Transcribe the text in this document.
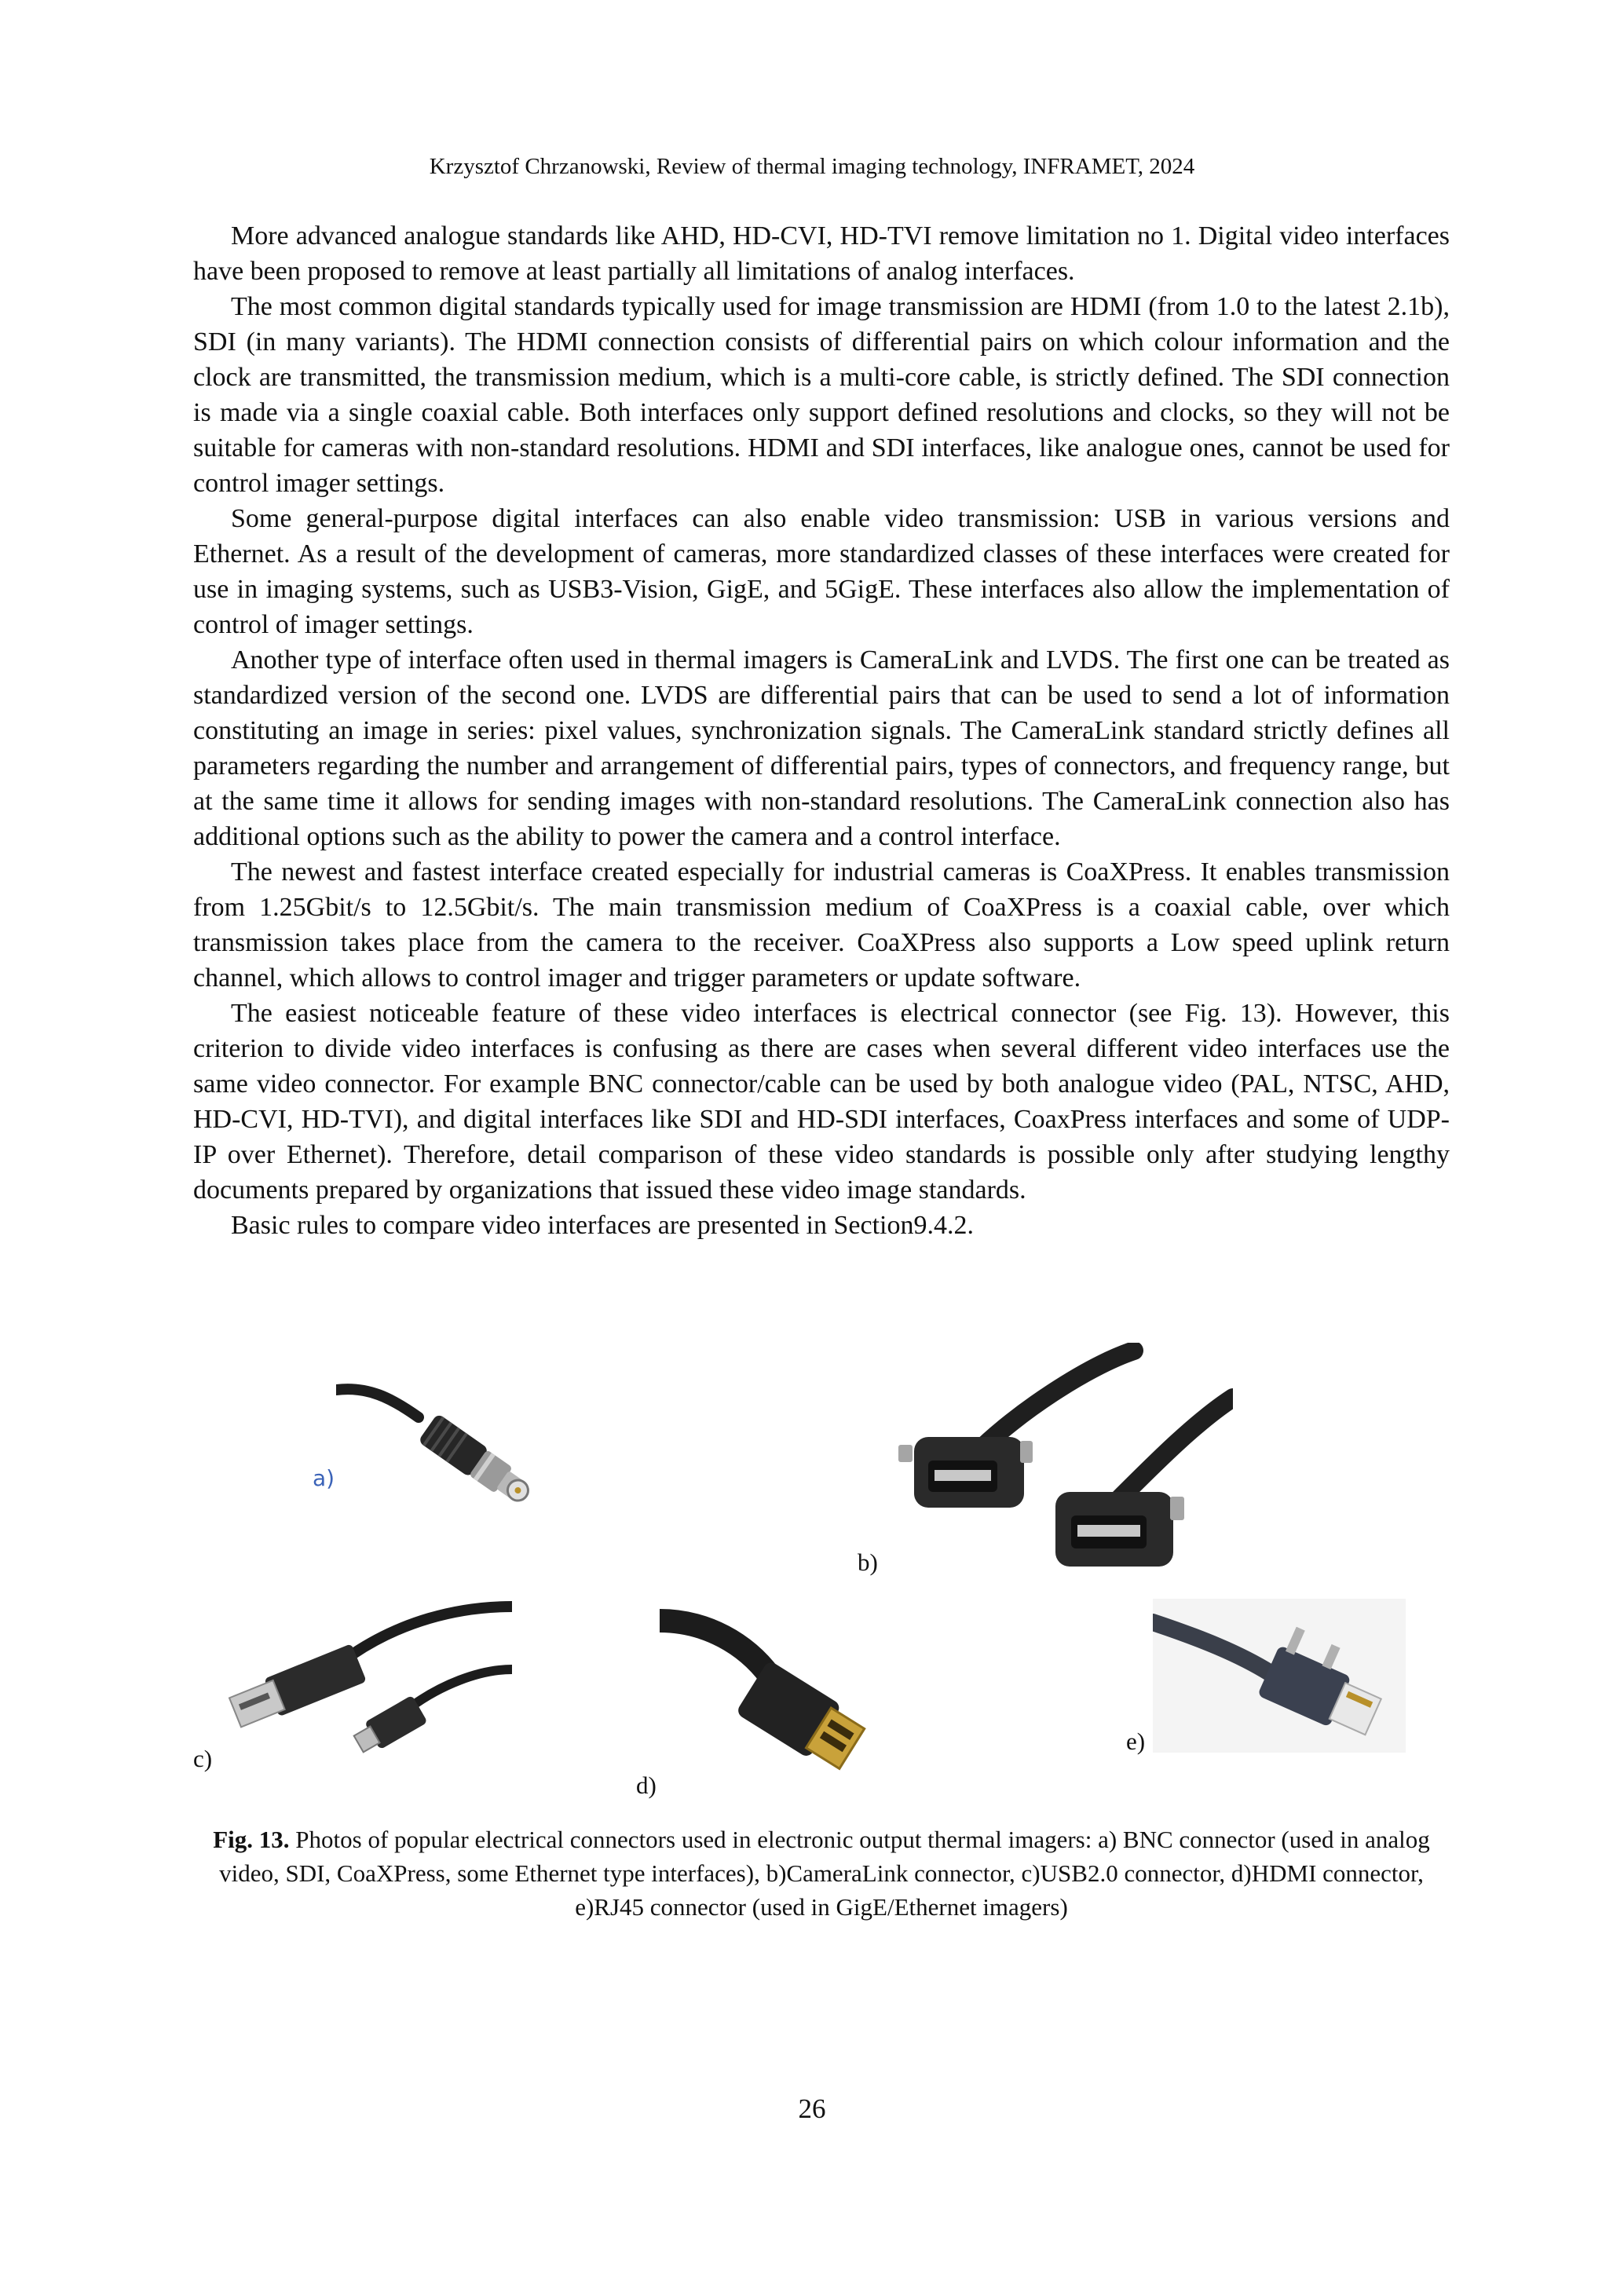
Krzysztof Chrzanowski, Review of thermal imaging technology, INFRAMET, 2024

More advanced analogue standards like AHD, HD-CVI, HD-TVI remove limitation no 1. Digital video interfaces have been proposed to remove at least partially all limitations of analog interfaces.

The most common digital standards typically used for image transmission are HDMI (from 1.0 to the latest 2.1b), SDI (in many variants). The HDMI connection consists of differential pairs on which colour information and the clock are transmitted, the transmission medium, which is a multi-core cable, is strictly defined. The SDI connection is made via a single coaxial cable. Both interfaces only support defined resolutions and clocks, so they will not be suitable for cameras with non-standard resolutions. HDMI and SDI interfaces, like analogue ones, cannot be used for control imager settings.

Some general-purpose digital interfaces can also enable video transmission: USB in various versions and Ethernet. As a result of the development of cameras, more standardized classes of these interfaces were created for use in imaging systems, such as USB3-Vision, GigE, and 5GigE. These interfaces also allow the implementation of control of imager settings.

Another type of interface often used in thermal imagers is CameraLink and LVDS. The first one can be treated as standardized version of the second one. LVDS are differential pairs that can be used to send a lot of information constituting an image in series: pixel values, synchronization signals. The CameraLink standard strictly defines all parameters regarding the number and arrangement of differential pairs, types of connectors, and frequency range, but at the same time it allows for sending images with non-standard resolutions. The CameraLink connection also has additional options such as the ability to power the camera and a control interface.

The newest and fastest interface created especially for industrial cameras is CoaXPress. It enables transmission from 1.25Gbit/s to 12.5Gbit/s. The main transmission medium of CoaXPress is a coaxial cable, over which transmission takes place from the camera to the receiver. CoaXPress also supports a Low speed uplink return channel, which allows to control imager and trigger parameters or update software.

The easiest noticeable feature of these video interfaces is electrical connector (see Fig. 13). However, this criterion to divide video interfaces is confusing as there are cases when several different video interfaces use the same video connector. For example BNC connector/cable can be used by both analogue video (PAL, NTSC, AHD, HD-CVI, HD-TVI), and digital interfaces like SDI and HD-SDI interfaces, CoaxPress interfaces and some of UDP-IP over Ethernet). Therefore, detail comparison of these video standards is possible only after studying lengthy documents prepared by organizations that issued these video image standards.

Basic rules to compare video interfaces are presented in Section9.4.2.

a)
b)
c)
d)
e)
Fig. 13. Photos of popular electrical connectors used in electronic output thermal imagers: a) BNC connector (used in analog video, SDI, CoaXPress, some Ethernet type interfaces), b)CameraLink connector, c)USB2.0 connector, d)HDMI connector, e)RJ45 connector (used in GigE/Ethernet imagers)
26
